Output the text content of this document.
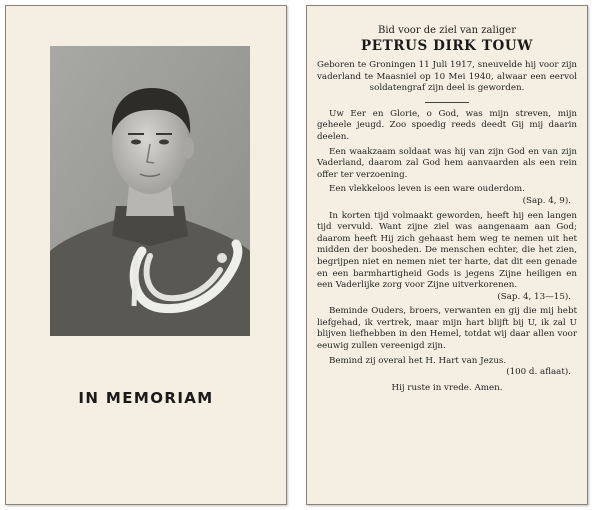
IN MEMORIAM
Bid voor de ziel van zaliger
PETRUS DIRK TOUW

Geboren te Groningen 11 Juli 1917, sneuvelde hij voor zijn vaderland te Maasniel op 10 Mei 1940, alwaar een eervol soldatengraf zijn deel is geworden.

Uw Eer en Glorie, o God, was mijn streven, mijn geheele jeugd. Zoo spoedig reeds deedt Gij mij daarin deelen.

Een waakzaam soldaat was hij van zijn God en van zijn Vaderland, daarom zal God hem aanvaarden als een rein offer ter verzoening.

Een vlekkeloos leven is een ware ouderdom.

(Sap. 4, 9).

In korten tijd volmaakt geworden, heeft hij een langen tijd vervuld. Want zijne ziel was aangenaam aan God; daarom heeft Hij zich gehaast hem weg te nemen uit het midden der boosheden. De menschen echter, die het zien, begrijpen niet en nemen niet ter harte, dat dit een genade en een barmhartigheid Gods is jegens Zijne heiligen en een Vaderlijke zorg voor Zijne uitverkorenen.

(Sap. 4, 13—15).

Beminde Ouders, broers, verwanten en gij die mij hebt liefgehad, ik vertrek, maar mijn hart blijft bij U, ik zal U blijven liefhebben in den Hemel, totdat wij daar allen voor eeuwig zullen vereenigd zijn.

Bemind zij overal het H. Hart van Jezus.

(100 d. aflaat).
Hij ruste in vrede. Amen.
